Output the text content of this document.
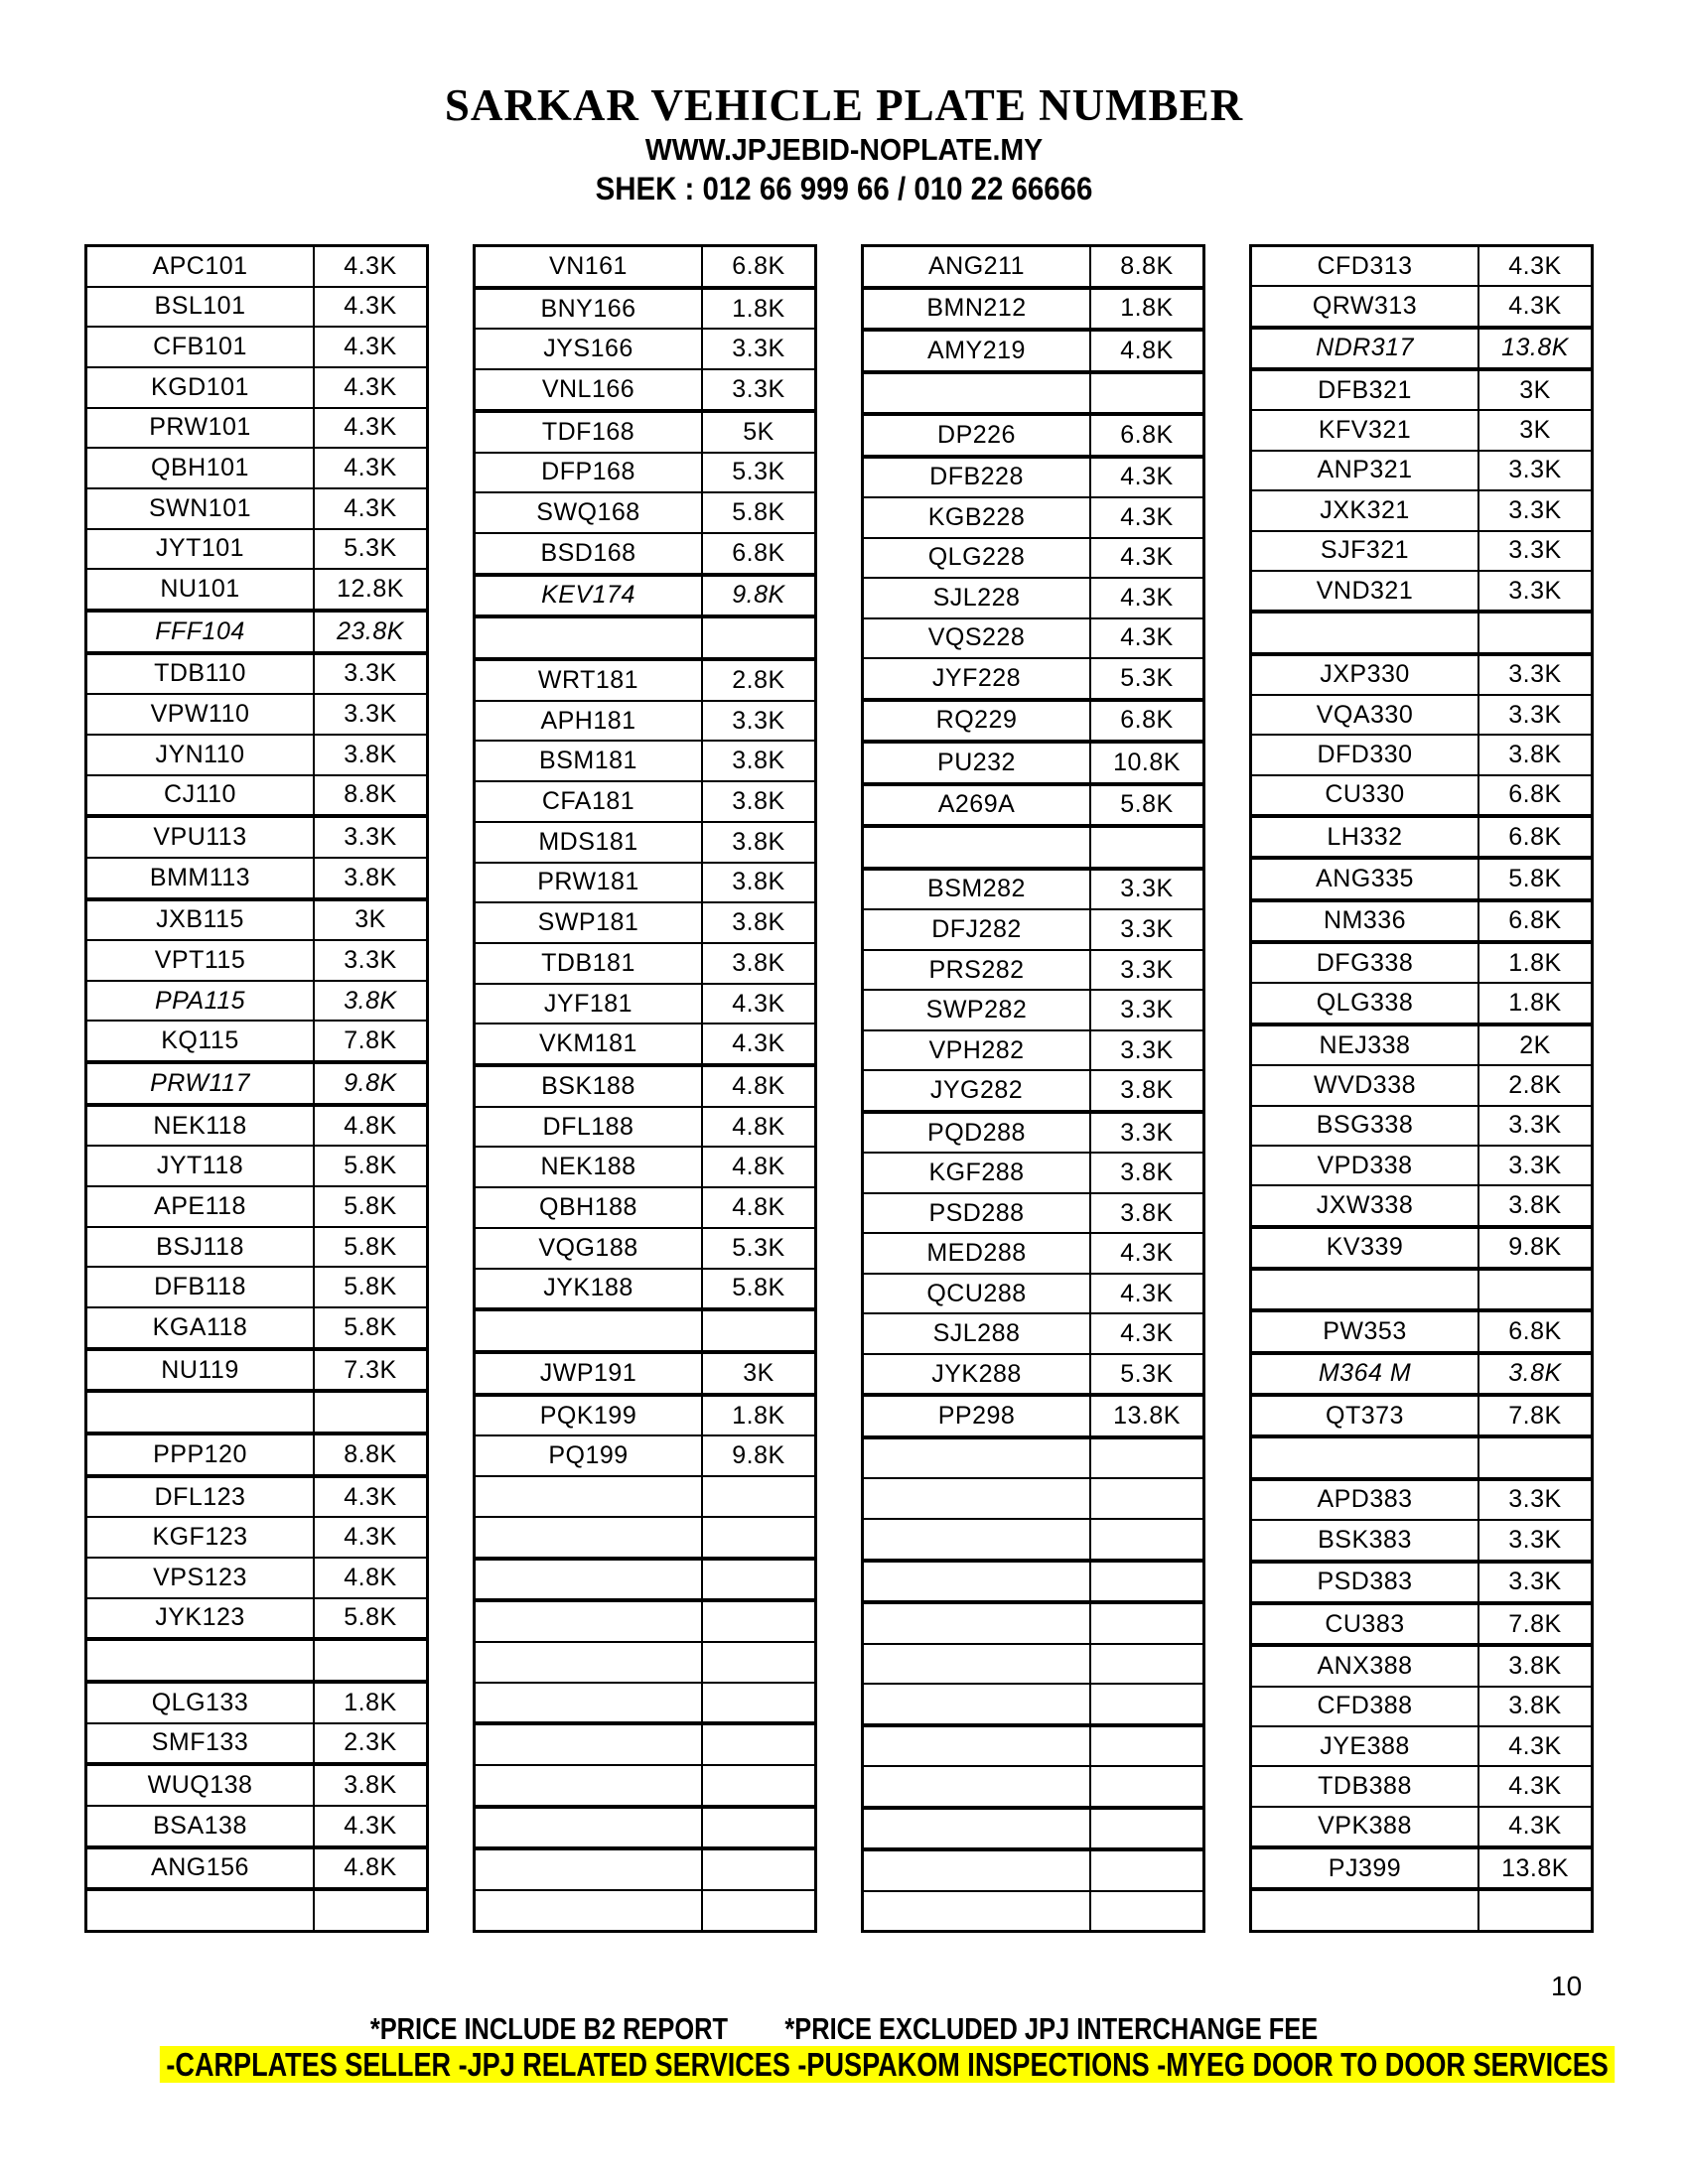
SARKAR VEHICLE PLATE NUMBER
WWW.JPJEBID-NOPLATE.MY
SHEK : 012 66 999 66 / 010 22 66666
APC101	4.3K
BSL101	4.3K
CFB101	4.3K
KGD101	4.3K
PRW101	4.3K
QBH101	4.3K
SWN101	4.3K
JYT101	5.3K
NU101	12.8K
FFF104	23.8K
TDB110	3.3K
VPW110	3.3K
JYN110	3.8K
CJ110	8.8K
VPU113	3.3K
BMM113	3.8K
JXB115	3K
VPT115	3.3K
PPA115	3.8K
KQ115	7.8K
PRW117	9.8K
NEK118	4.8K
JYT118	5.8K
APE118	5.8K
BSJ118	5.8K
DFB118	5.8K
KGA118	5.8K
NU119	7.3K
PPP120	8.8K
DFL123	4.3K
KGF123	4.3K
VPS123	4.8K
JYK123	5.8K
QLG133	1.8K
SMF133	2.3K
WUQ138	3.8K
BSA138	4.3K
ANG156	4.8K
VN161	6.8K
BNY166	1.8K
JYS166	3.3K
VNL166	3.3K
TDF168	5K
DFP168	5.3K
SWQ168	5.8K
BSD168	6.8K
KEV174	9.8K
WRT181	2.8K
APH181	3.3K
BSM181	3.8K
CFA181	3.8K
MDS181	3.8K
PRW181	3.8K
SWP181	3.8K
TDB181	3.8K
JYF181	4.3K
VKM181	4.3K
BSK188	4.8K
DFL188	4.8K
NEK188	4.8K
QBH188	4.8K
VQG188	5.3K
JYK188	5.8K
JWP191	3K
PQK199	1.8K
PQ199	9.8K
ANG211	8.8K
BMN212	1.8K
AMY219	4.8K
DP226	6.8K
DFB228	4.3K
KGB228	4.3K
QLG228	4.3K
SJL228	4.3K
VQS228	4.3K
JYF228	5.3K
RQ229	6.8K
PU232	10.8K
A269A	5.8K
BSM282	3.3K
DFJ282	3.3K
PRS282	3.3K
SWP282	3.3K
VPH282	3.3K
JYG282	3.8K
PQD288	3.3K
KGF288	3.8K
PSD288	3.8K
MED288	4.3K
QCU288	4.3K
SJL288	4.3K
JYK288	5.3K
PP298	13.8K
CFD313	4.3K
QRW313	4.3K
NDR317	13.8K
DFB321	3K
KFV321	3K
ANP321	3.3K
JXK321	3.3K
SJF321	3.3K
VND321	3.3K
JXP330	3.3K
VQA330	3.3K
DFD330	3.8K
CU330	6.8K
LH332	6.8K
ANG335	5.8K
NM336	6.8K
DFG338	1.8K
QLG338	1.8K
NEJ338	2K
WVD338	2.8K
BSG338	3.3K
VPD338	3.3K
JXW338	3.8K
KV339	9.8K
PW353	6.8K
M364 M	3.8K
QT373	7.8K
APD383	3.3K
BSK383	3.3K
PSD383	3.3K
CU383	7.8K
ANX388	3.8K
CFD388	3.8K
JYE388	4.3K
TDB388	4.3K
VPK388	4.3K
PJ399	13.8K
10
*PRICE INCLUDE B2 REPORT *PRICE EXCLUDED JPJ INTERCHANGE FEE
-CARPLATES SELLER -JPJ RELATED SERVICES -PUSPAKOM INSPECTIONS -MYEG DOOR TO DOOR SERVICES
